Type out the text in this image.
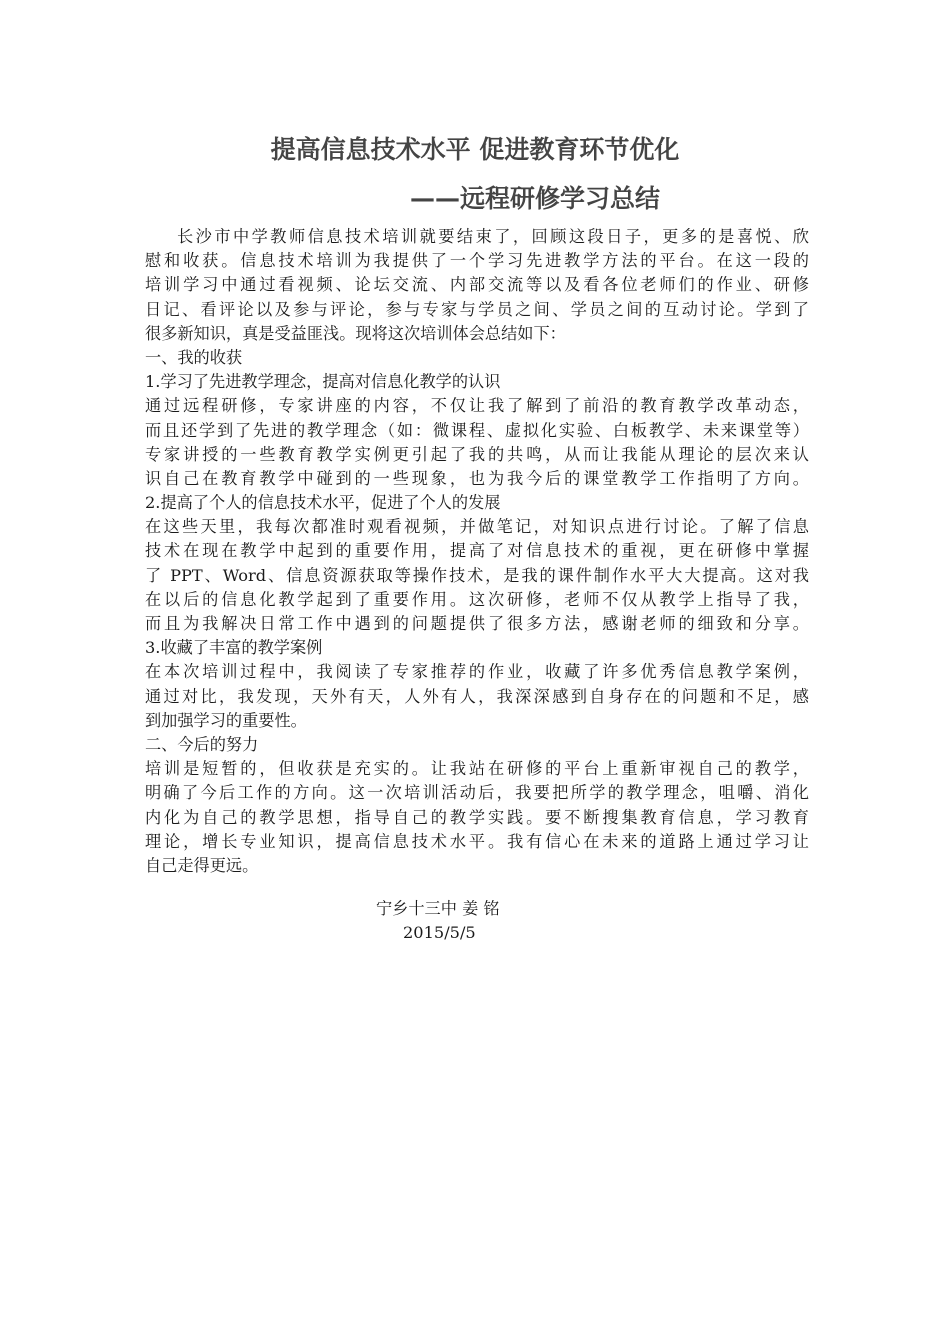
提高信息技术水平 促进教育环节优化
——远程研修学习总结
长沙市中学教师信息技术培训就要结束了，回顾这段日子，更多的是喜悦、欣
慰和收获。信息技术培训为我提供了一个学习先进教学方法的平台。在这一段的
培训学习中通过看视频、论坛交流、内部交流等以及看各位老师们的作业、研修
日记、看评论以及参与评论，参与专家与学员之间、学员之间的互动讨论。学到了
很多新知识，真是受益匪浅。现将这次培训体会总结如下：
一、我的收获
1.学习了先进教学理念，提高对信息化教学的认识
通过远程研修，专家讲座的内容，不仅让我了解到了前沿的教育教学改革动态，
而且还学到了先进的教学理念（如：微课程、虚拟化实验、白板教学、未来课堂等）
专家讲授的一些教育教学实例更引起了我的共鸣，从而让我能从理论的层次来认
识自己在教育教学中碰到的一些现象，也为我今后的课堂教学工作指明了方向。
2.提高了个人的信息技术水平，促进了个人的发展
在这些天里，我每次都准时观看视频，并做笔记，对知识点进行讨论。了解了信息
技术在现在教学中起到的重要作用，提高了对信息技术的重视，更在研修中掌握
了 PPT、Word、信息资源获取等操作技术，是我的课件制作水平大大提高。这对我
在以后的信息化教学起到了重要作用。这次研修，老师不仅从教学上指导了我，
而且为我解决日常工作中遇到的问题提供了很多方法，感谢老师的细致和分享。
3.收藏了丰富的教学案例
在本次培训过程中，我阅读了专家推荐的作业，收藏了许多优秀信息教学案例，
通过对比，我发现，天外有天，人外有人，我深深感到自身存在的问题和不足，感
到加强学习的重要性。
二、今后的努力
培训是短暂的，但收获是充实的。让我站在研修的平台上重新审视自己的教学，
明确了今后工作的方向。这一次培训活动后，我要把所学的教学理念，咀嚼、消化
内化为自己的教学思想，指导自己的教学实践。要不断搜集教育信息，学习教育
理论，增长专业知识，提高信息技术水平。我有信心在未来的道路上通过学习让
自己走得更远。
宁乡十三中 姜 铭
2015/5/5
